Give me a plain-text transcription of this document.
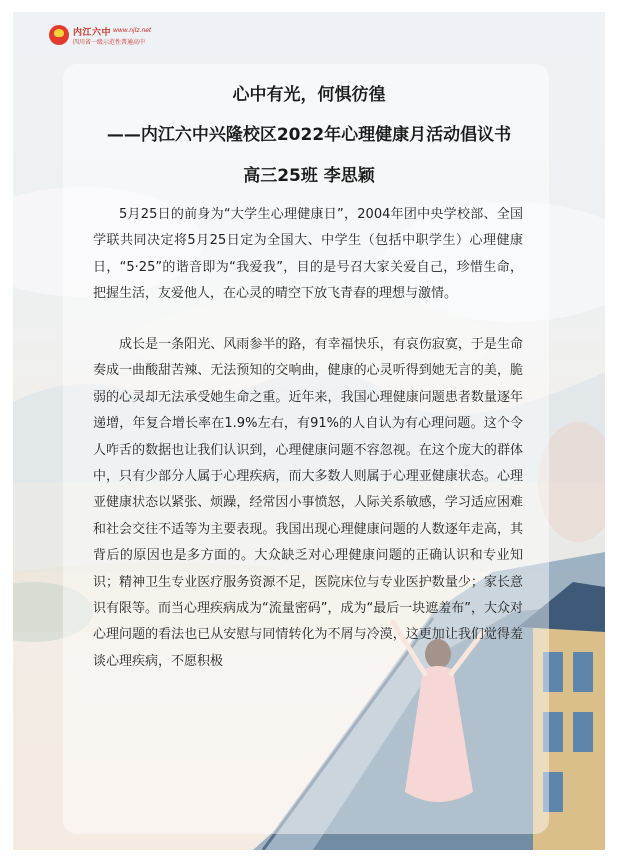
内江六中 www.njlz.net
四川省一级示范性普通高中
心中有光，何惧彷徨
——内江六中兴隆校区2022年心理健康月活动倡议书
高三25班 李思颖

5月25日的前身为“大学生心理健康日”，2004年团中央学校部、全国学联共同决定将5月25日定为全国大、中学生（包括中职学生）心理健康日，“5·25”的谐音即为“我爱我”，目的是号召大家关爱自己，珍惜生命，把握生活，友爱他人，在心灵的晴空下放飞青春的理想与激情。

成长是一条阳光、风雨参半的路，有幸福快乐，有哀伤寂寞，于是生命奏成一曲酸甜苦辣、无法预知的交响曲，健康的心灵听得到她无言的美，脆弱的心灵却无法承受她生命之重。近年来，我国心理健康问题患者数量逐年递增，年复合增长率在1.9%左右，有91%的人自认为有心理问题。这个令人咋舌的数据也让我们认识到，心理健康问题不容忽视。在这个庞大的群体中，只有少部分人属于心理疾病，而大多数人则属于心理亚健康状态。心理亚健康状态以紧张、烦躁，经常因小事愤怒，人际关系敏感，学习适应困难和社会交往不适等为主要表现。我国出现心理健康问题的人数逐年走高，其背后的原因也是多方面的。大众缺乏对心理健康问题的正确认识和专业知识；精神卫生专业医疗服务资源不足，医院床位与专业医护数量少；家长意识有限等。而当心理疾病成为“流量密码”，成为“最后一块遮羞布”，大众对心理问题的看法也已从安慰与同情转化为不屑与冷漠，这更加让我们觉得羞谈心理疾病，不愿积极
